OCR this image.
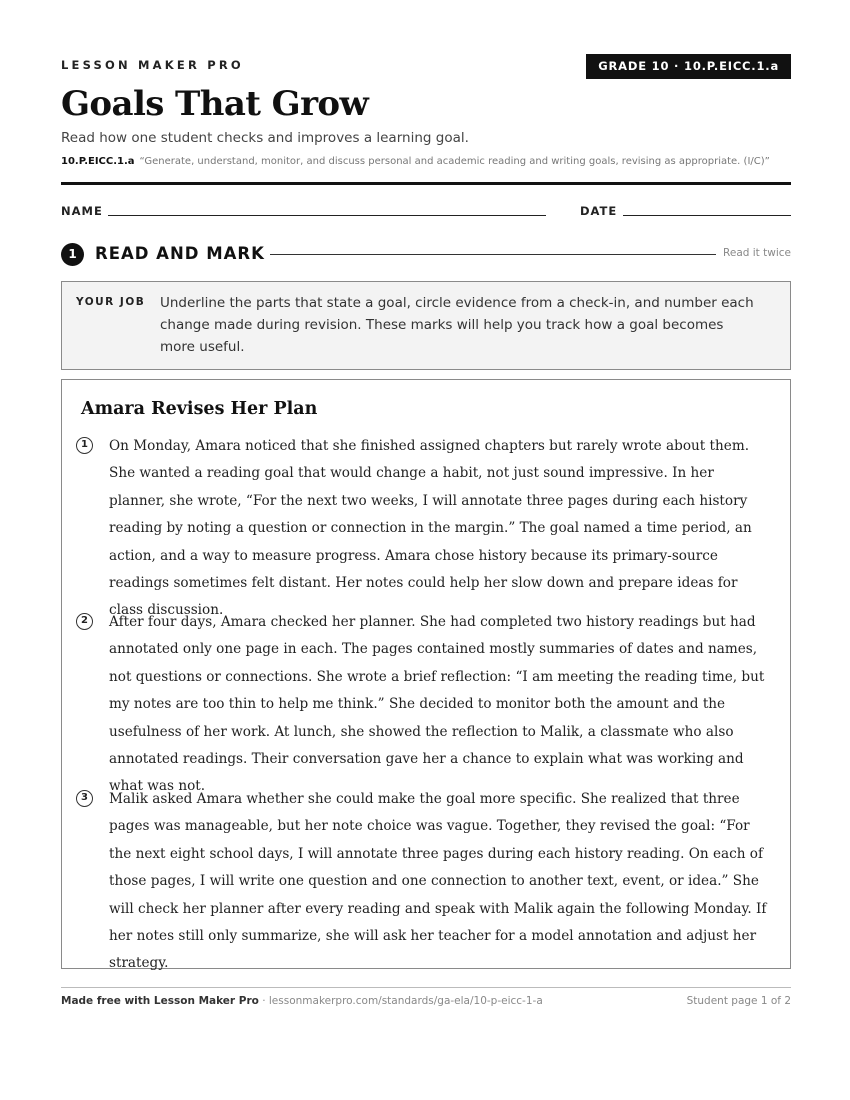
LESSON MAKER PRO	GRADE 10 · 10.P.EICC.1.a
Goals That Grow
Read how one student checks and improves a learning goal.
10.P.EICC.1.a “Generate, understand, monitor, and discuss personal and academic reading and writing goals, revising as appropriate. (I/C)”
NAME	DATE
1	READ AND MARK	Read it twice
YOUR JOB Underline the parts that state a goal, circle evidence from a check-in, and number each change made during revision. These marks will help you track how a goal becomes more useful.
Amara Revises Her Plan
1	On Monday, Amara noticed that she finished assigned chapters but rarely wrote about them. She wanted a reading goal that would change a habit, not just sound impressive. In her planner, she wrote, “For the next two weeks, I will annotate three pages during each history reading by noting a question or connection in the margin.” The goal named a time period, an action, and a way to measure progress. Amara chose history because its primary-source readings sometimes felt distant. Her notes could help her slow down and prepare ideas for class discussion.

2	After four days, Amara checked her planner. She had completed two history readings but had annotated only one page in each. The pages contained mostly summaries of dates and names, not questions or connections. She wrote a brief reflection: “I am meeting the reading time, but my notes are too thin to help me think.” She decided to monitor both the amount and the usefulness of her work. At lunch, she showed the reflection to Malik, a classmate who also annotated readings. Their conversation gave her a chance to explain what was working and what was not.

3	Malik asked Amara whether she could make the goal more specific. She realized that three pages was manageable, but her note choice was vague. Together, they revised the goal: “For the next eight school days, I will annotate three pages during each history reading. On each of those pages, I will write one question and one connection to another text, event, or idea.” She will check her planner after every reading and speak with Malik again the following Monday. If her notes still only summarize, she will ask her teacher for a model annotation and adjust her strategy.

Made free with Lesson Maker Pro · lessonmakerpro.com/standards/ga-ela/10-p-eicc-1-a	Student page 1 of 2
